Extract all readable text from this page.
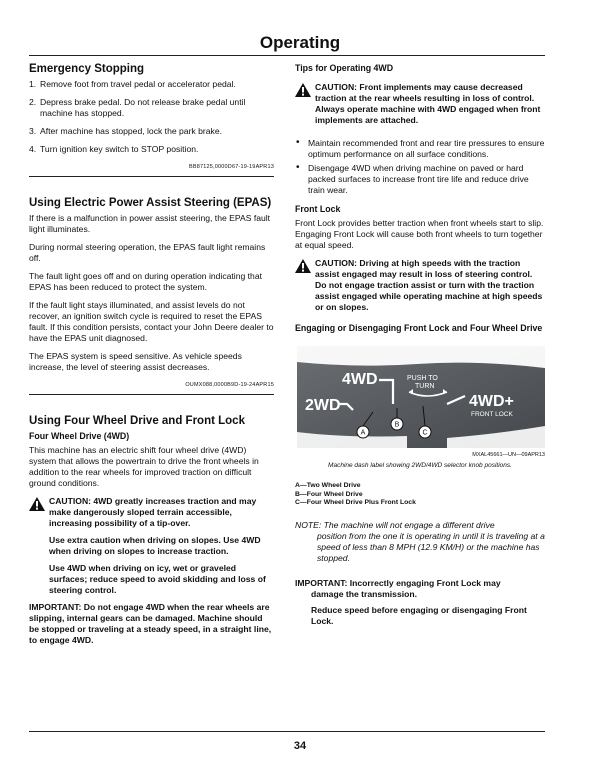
Operating
Emergency Stopping
1. Remove foot from travel pedal or accelerator pedal.
2. Depress brake pedal. Do not release brake pedal until machine has stopped.
3. After machine has stopped, lock the park brake.
4. Turn ignition key switch to STOP position.
BB87125,0000D67-19-19APR13
Using Electric Power Assist Steering (EPAS)

If there is a malfunction in power assist steering, the EPAS fault light illuminates.

During normal steering operation, the EPAS fault light remains off.

The fault light goes off and on during operation indicating that EPAS has been reduced to protect the system.

If the fault light stays illuminated, and assist levels do not recover, an ignition switch cycle is required to reset the EPAS fault. If this condition persists, contact your John Deere dealer to have the EPAS unit diagnosed.

The EPAS system is speed sensitive. As vehicle speeds increase, the level of steering assist decreases.

OUMX088,0000B9D-19-24APR15
Using Four Wheel Drive and Front Lock
Four Wheel Drive (4WD)

This machine has an electric shift four wheel drive (4WD) system that allows the powertrain to drive the front wheels in addition to the rear wheels for improved traction on difficult ground conditions.

CAUTION: 4WD greatly increases traction and may make dangerously sloped terrain accessible, increasing possibility of a tip-over.

Use extra caution when driving on slopes. Use 4WD when driving on slopes to increase traction.

Use 4WD when driving on icy, wet or graveled surfaces; reduce speed to avoid skidding and loss of steering control.

IMPORTANT: Do not engage 4WD when the rear wheels are slipping, internal gears can be damaged. Machine should be stopped or traveling at a steady speed, in a straight line, to engage 4WD.

Tips for Operating 4WD

CAUTION: Front implements may cause decreased traction at the rear wheels resulting in loss of control. Always operate machine with 4WD engaged when front implements are attached.

• Maintain recommended front and rear tire pressures to ensure optimum performance on all surface conditions.
• Disengage 4WD when driving machine on paved or hard packed surfaces to increase front tire life and reduce drive train wear.
Front Lock

Front Lock provides better traction when front wheels start to slip. Engaging Front Lock will cause both front wheels to turn together at equal speed.

CAUTION: Driving at high speeds with the traction assist engaged may result in loss of steering control. Do not engage traction assist or turn with the traction assist engaged while operating machine at high speeds or on slopes.

Engaging or Disengaging Front Lock and Four Wheel Drive
4WD
2WD	4WD+
PUSH TO
TURN
FRONT LOCK
A
B
C
MXAL45661—UN—09APR13
Machine dash label showing 2WD/4WD selector knob positions.

A—Two Wheel Drive

B—Four Wheel Drive

C—Four Wheel Drive Plus Front Lock

NOTE: The machine will not engage a different drive
position from the one it is operating in until it is traveling at a speed of less than 8 MPH (12.9 KM/H) or the machine has stopped.

IMPORTANT: Incorrectly engaging Front Lock may

damage the transmission.

Reduce speed before engaging or disengaging Front Lock.

34
